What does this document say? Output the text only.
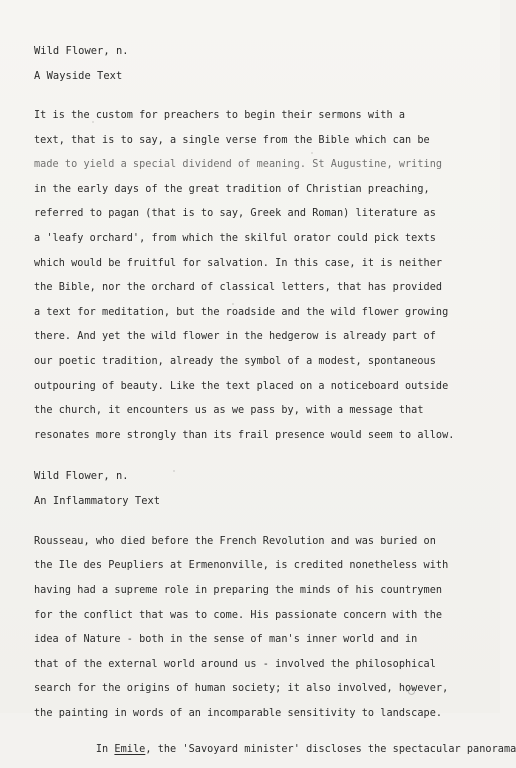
Wild Flower, n.

A Wayside Text

It is the custom for preachers to begin their sermons with a

text, that is to say, a single verse from the Bible which can be

made to yield a special dividend of meaning. St Augustine, writing

in the early days of the great tradition of Christian preaching,

referred to pagan (that is to say, Greek and Roman) literature as

a 'leafy orchard', from which the skilful orator could pick texts

which would be fruitful for salvation. In this case, it is neither

the Bible, nor the orchard of classical letters, that has provided

a text for meditation, but the roadside and the wild flower growing

there. And yet the wild flower in the hedgerow is already part of

our poetic tradition, already the symbol of a modest, spontaneous

outpouring of beauty. Like the text placed on a noticeboard outside

the church, it encounters us as we pass by, with a message that

resonates more strongly than its frail presence would seem to allow.

Wild Flower, n.

An Inflammatory Text

Rousseau, who died before the French Revolution and was buried on

the Ile des Peupliers at Ermenonville, is credited nonetheless with

having had a supreme role in preparing the minds of his countrymen

for the conflict that was to come. His passionate concern with the

idea of Nature - both in the sense of man's inner world and in

that of the external world around us - involved the philosophical

search for the origins of human society; it also involved, however,

the painting in words of an incomparable sensitivity to landscape.

In Emile, the 'Savoyard minister' discloses the spectacular panorama
